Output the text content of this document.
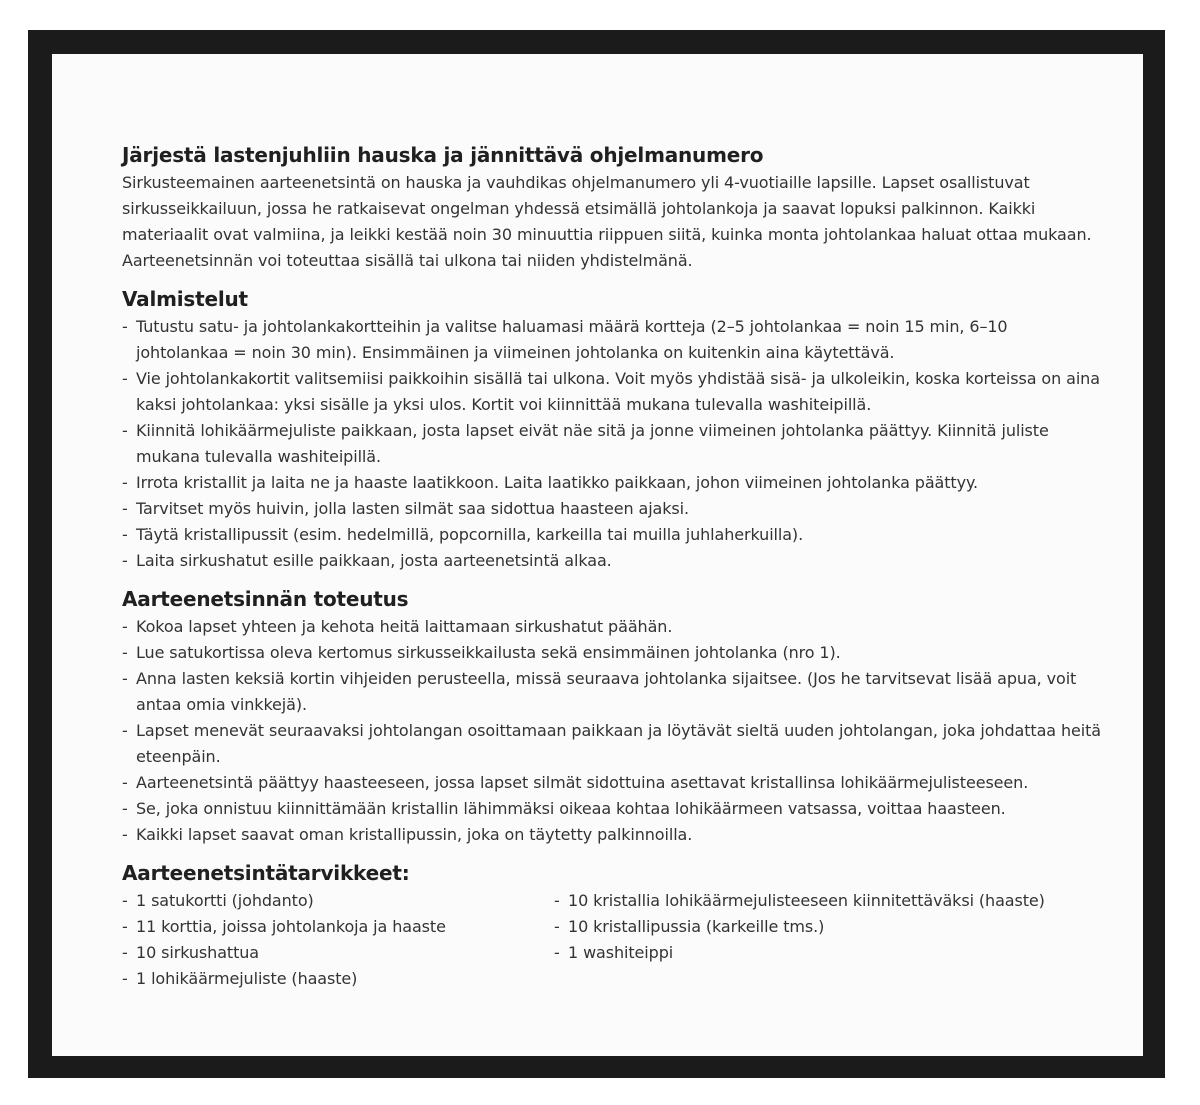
Järjestä lastenjuhliin hauska ja jännittävä ohjelmanumero

Sirkusteemainen aarteenetsintä on hauska ja vauhdikas ohjelmanumero yli 4-vuotiaille lapsille. Lapset osallistuvat sirkusseikkailuun, jossa he ratkaisevat ongelman yhdessä etsimällä johtolankoja ja saavat lopuksi palkinnon. Kaikki materiaalit ovat valmiina, ja leikki kestää noin 30 minuuttia riippuen siitä, kuinka monta johtolankaa haluat ottaa mukaan. Aarteenetsinnän voi toteuttaa sisällä tai ulkona tai niiden yhdistelmänä.

Valmistelut
- Tutustu satu- ja johtolankakortteihin ja valitse haluamasi määrä kortteja (2–5 johtolankaa = noin 15 min, 6–10 johtolankaa = noin 30 min). Ensimmäinen ja viimeinen johtolanka on kuitenkin aina käytettävä.
- Vie johtolankakortit valitsemiisi paikkoihin sisällä tai ulkona. Voit myös yhdistää sisä- ja ulkoleikin, koska korteissa on aina kaksi johtolankaa: yksi sisälle ja yksi ulos. Kortit voi kiinnittää mukana tulevalla washiteipillä.
- Kiinnitä lohikäärmejuliste paikkaan, josta lapset eivät näe sitä ja jonne viimeinen johtolanka päättyy. Kiinnitä juliste mukana tulevalla washiteipillä.
- Irrota kristallit ja laita ne ja haaste laatikkoon. Laita laatikko paikkaan, johon viimeinen johtolanka päättyy.
- Tarvitset myös huivin, jolla lasten silmät saa sidottua haasteen ajaksi.
- Täytä kristallipussit (esim. hedelmillä, popcornilla, karkeilla tai muilla juhlaherkuilla).
- Laita sirkushatut esille paikkaan, josta aarteenetsintä alkaa.
Aarteenetsinnän toteutus
- Kokoa lapset yhteen ja kehota heitä laittamaan sirkushatut päähän.
- Lue satukortissa oleva kertomus sirkusseikkailusta sekä ensimmäinen johtolanka (nro 1).
- Anna lasten keksiä kortin vihjeiden perusteella, missä seuraava johtolanka sijaitsee. (Jos he tarvitsevat lisää apua, voit antaa omia vinkkejä).
- Lapset menevät seuraavaksi johtolangan osoittamaan paikkaan ja löytävät sieltä uuden johtolangan, joka johdattaa heitä eteenpäin.
- Aarteenetsintä päättyy haasteeseen, jossa lapset silmät sidottuina asettavat kristallinsa lohikäärmejulisteeseen.
- Se, joka onnistuu kiinnittämään kristallin lähimmäksi oikeaa kohtaa lohikäärmeen vatsassa, voittaa haasteen.
- Kaikki lapset saavat oman kristallipussin, joka on täytetty palkinnoilla.
Aarteenetsintätarvikkeet:
- 1 satukortti (johdanto)
- 11 korttia, joissa johtolankoja ja haaste
- 10 sirkushattua
- 1 lohikäärmejuliste (haaste)
- 10 kristallia lohikäärmejulisteeseen kiinnitettäväksi (haaste)
- 10 kristallipussia (karkeille tms.)
- 1 washiteippi
